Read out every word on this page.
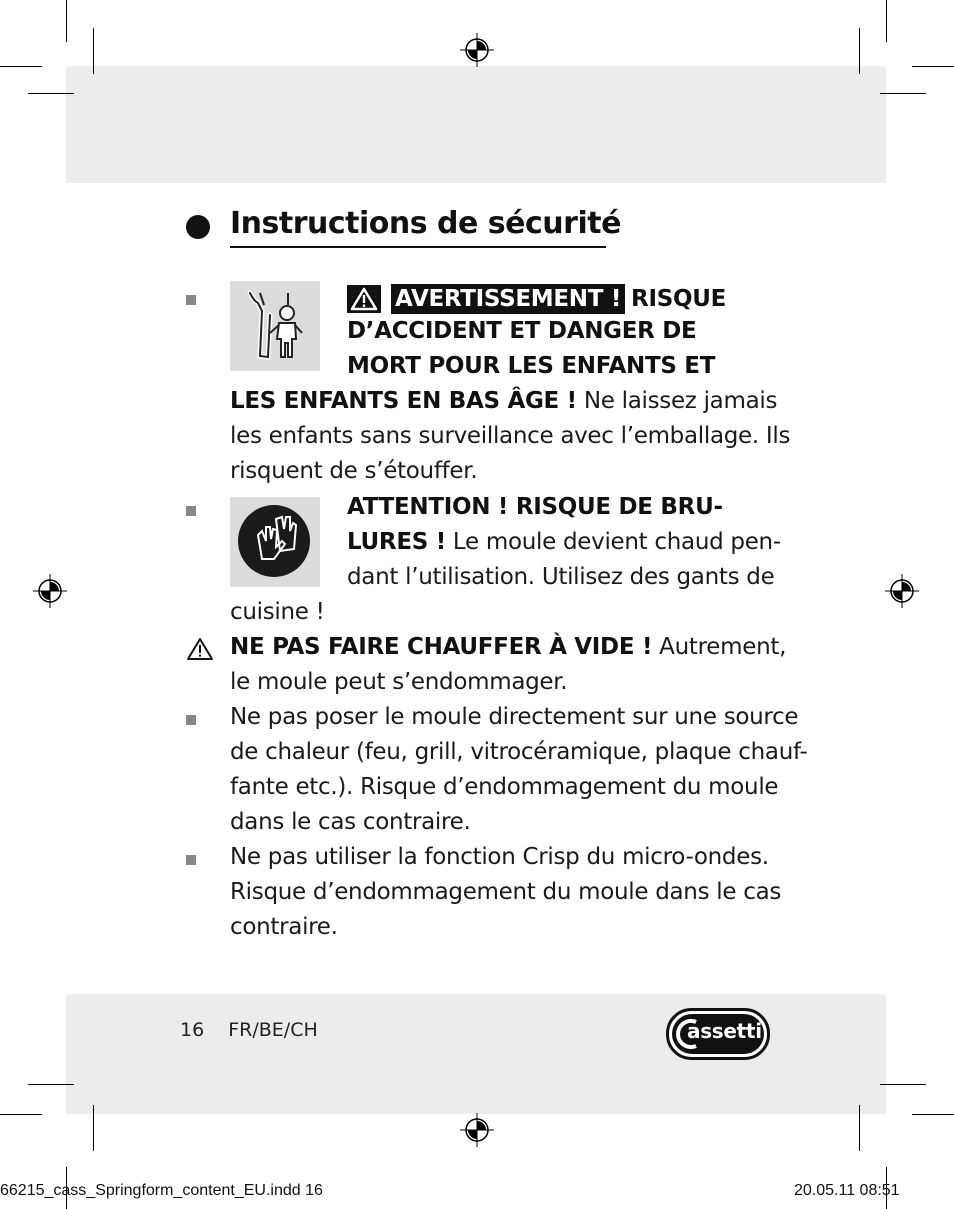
Instructions de sécurité
AVERTISSEMENT ! RISQUE
D’ACCIDENT ET DANGER DE
MORT POUR LES ENFANTS ET
LES ENFANTS EN BAS ÂGE ! Ne laissez jamais
les enfants sans surveillance avec l’emballage. Ils
risquent de s’étouffer.
ATTENTION ! RISQUE DE BRU-
LURES ! Le moule devient chaud pen-
dant l’utilisation. Utilisez des gants de
cuisine !
NE PAS FAIRE CHAUFFER À VIDE ! Autrement,
le moule peut s’endommager.
Ne pas poser le moule directement sur une source
de chaleur (feu, grill, vitrocéramique, plaque chauf-
fante etc.). Risque d’endommagement du moule
dans le cas contraire.
Ne pas utiliser la fonction Crisp du micro-ondes.
Risque d’endommagement du moule dans le cas
contraire.
16 FR/BE/CH	assetti
66215_cass_Springform_content_EU.indd 16	20.05.11 08:51
